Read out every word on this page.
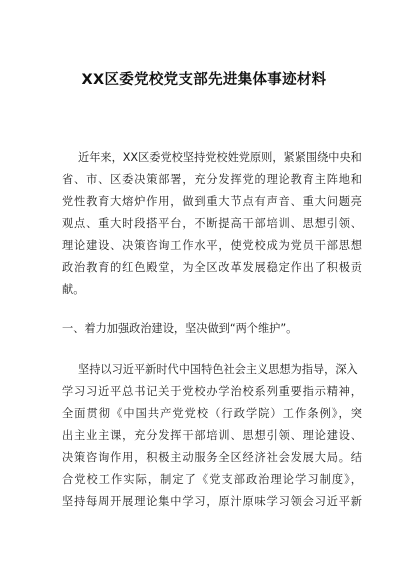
XX区委党校党支部先进集体事迹材料
近年来，XX区委党校坚持党校姓党原则，紧紧围绕中央和
省、市、区委决策部署，充分发挥党的理论教育主阵地和
党性教育大熔炉作用，做到重大节点有声音、重大问题亮
观点、重大时段搭平台，不断提高干部培训、思想引领、
理论建设、决策咨询工作水平，使党校成为党员干部思想
政治教育的红色殿堂，为全区改革发展稳定作出了积极贡
献。
一、着力加强政治建设，坚决做到“两个维护”。
坚持以习近平新时代中国特色社会主义思想为指导，深入
学习习近平总书记关于党校办学治校系列重要指示精神，
全面贯彻《中国共产党党校（行政学院）工作条例》，突
出主业主课，充分发挥干部培训、思想引领、理论建设、
决策咨询作用，积极主动服务全区经济社会发展大局。结
合党校工作实际，制定了《党支部政治理论学习制度》，
坚持每周开展理论集中学习，原汁原味学习领会习近平新
